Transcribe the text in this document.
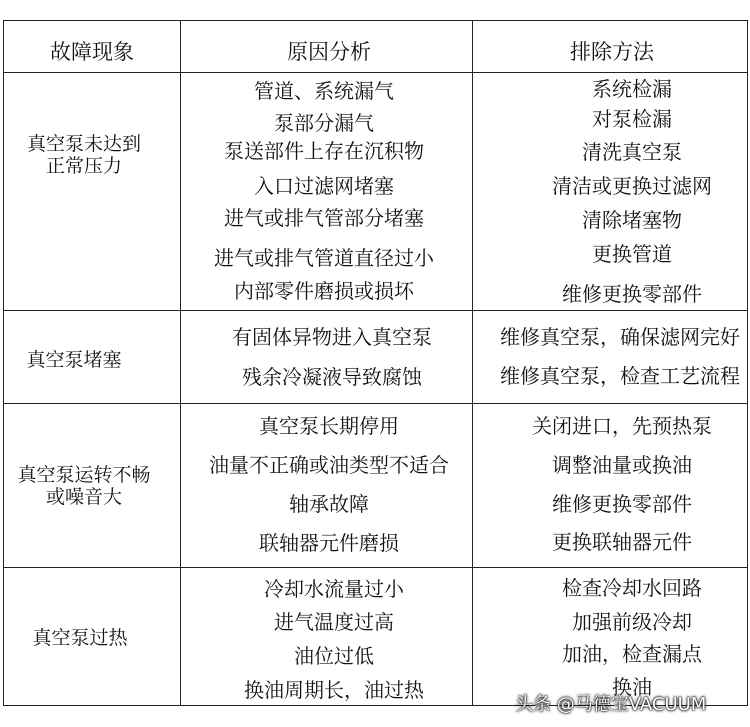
故障现象	原因分析	排除方法
真空泵未达到
正常压力
管道、系统漏气
泵部分漏气
泵送部件上存在沉积物
入口过滤网堵塞
进气或排气管部分堵塞
进气或排气管道直径过小
内部零件磨损或损坏
系统检漏
对泵检漏
清洗真空泵
清洁或更换过滤网
清除堵塞物
更换管道
维修更换零部件
真空泵堵塞
有固体异物进入真空泵
残余冷凝液导致腐蚀
维修真空泵，确保滤网完好
维修真空泵，检查工艺流程
真空泵运转不畅
或噪音大
真空泵长期停用
油量不正确或油类型不适合
轴承故障
联轴器元件磨损
关闭进口，先预热泵
调整油量或换油
维修更换零部件
更换联轴器元件
真空泵过热
冷却水流量过小
进气温度过高
油位过低
换油周期长，油过热
检查冷却水回路
加强前级冷却
加油，检查漏点
换油
头条 @马德宝VACUUM
